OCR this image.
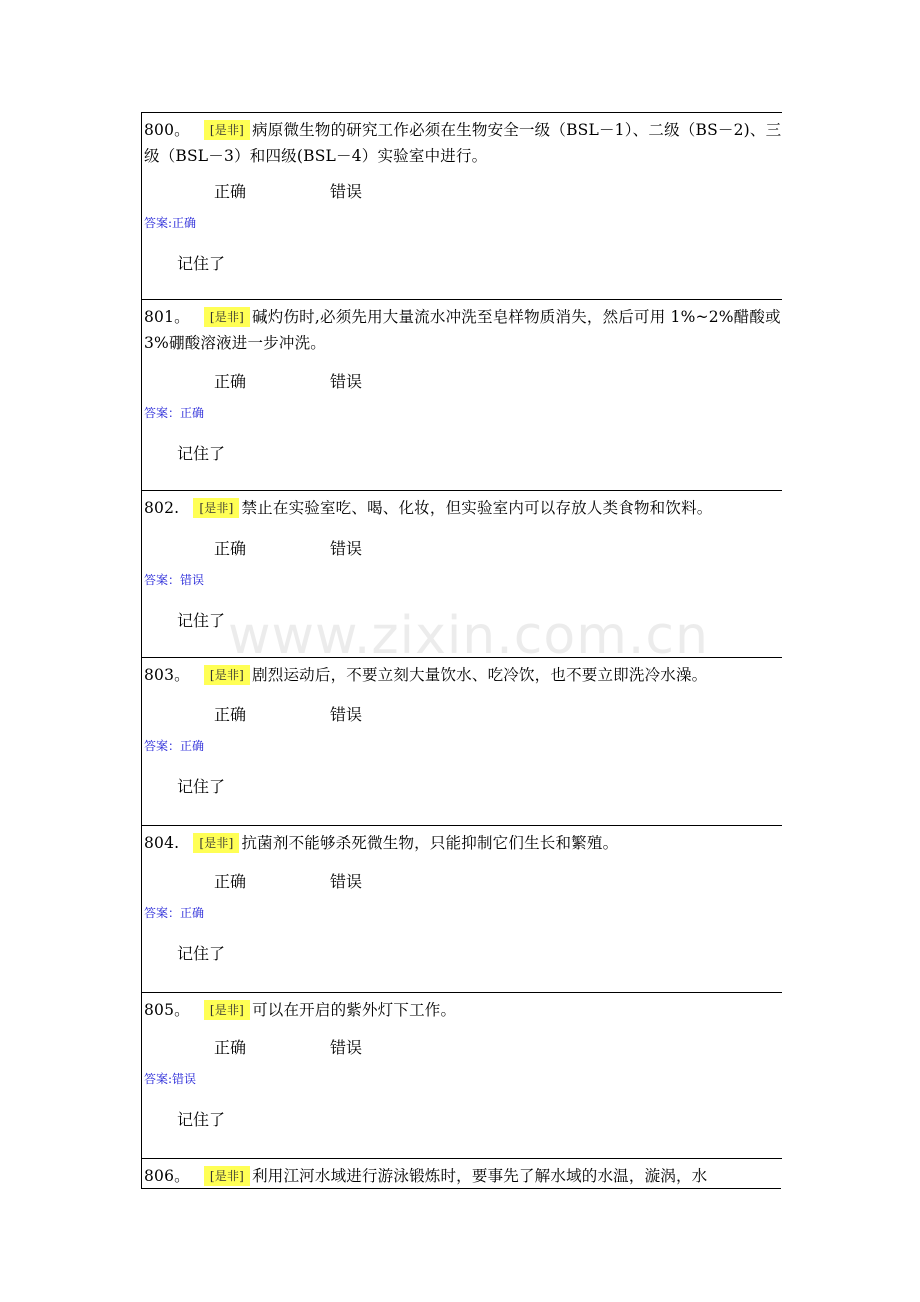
800。 [是非] 病原微生物的研究工作必须在生物安全一级（BSL－1）、二级（BS－2)、三级（BSL－3）和四级(BSL－4）实验室中进行。
正确	错误
答案:正确
记住了
801。 [是非] 碱灼伤时,必须先用大量流水冲洗至皂样物质消失，然后可用 1%~2%醋酸或 3%硼酸溶液进一步冲洗。
正确	错误
答案：正确
记住了
802. [是非] 禁止在实验室吃、喝、化妆，但实验室内可以存放人类食物和饮料。
正确	错误
答案：错误
记住了
803。 [是非] 剧烈运动后，不要立刻大量饮水、吃冷饮，也不要立即洗冷水澡。
正确	错误
答案：正确
记住了
804. [是非] 抗菌剂不能够杀死微生物，只能抑制它们生长和繁殖。
正确	错误
答案：正确
记住了
805。 [是非] 可以在开启的紫外灯下工作。
正确	错误
答案:错误
记住了
806。 [是非] 利用江河水域进行游泳锻炼时，要事先了解水域的水温，漩涡，水
www.zixin.com.cn
